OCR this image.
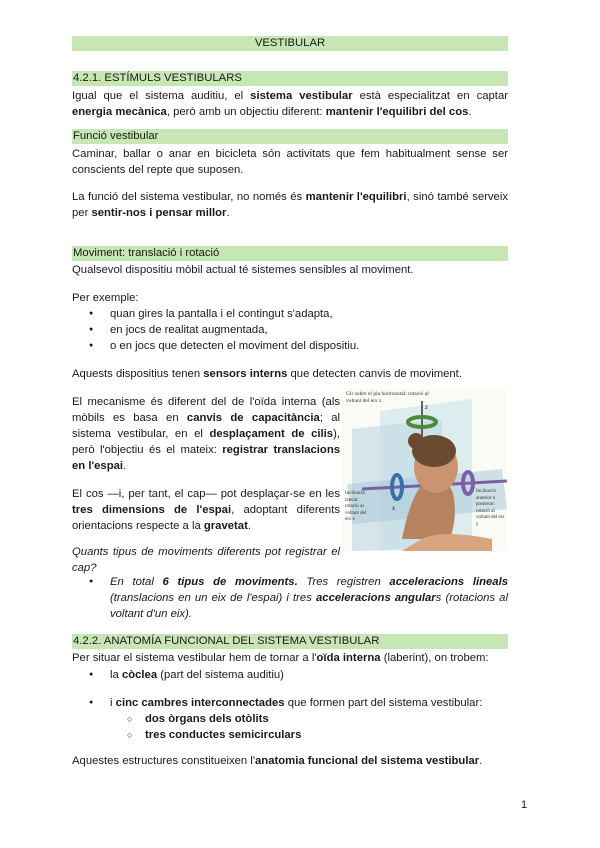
VESTIBULAR
4.2.1. ESTÍMULS VESTIBULARS
Igual que el sistema auditiu, el sistema vestibular està especialitzat en captar energia mecànica, però amb un objectiu diferent: mantenir l'equilibri del cos.
Funció vestibular
Caminar, ballar o anar en bicicleta són activitats que fem habitualment sense ser conscients del repte que suposen.
La funció del sistema vestibular, no només és mantenir l'equilibri, sinó també serveix per sentir-nos i pensar millor.
Moviment: translació i rotació
Qualsevol dispositiu mòbil actual té sistemes sensibles al moviment.
Per exemple:
● quan gires la pantalla i el contingut s'adapta,
● en jocs de realitat augmentada,
● o en jocs que detecten el moviment del dispositiu.
Aquests dispositius tenen sensors interns que detecten canvis de moviment.
El mecanisme és diferent del de l'oïda interna (als mòbils es basa en canvis de capacitància; al sistema vestibular, en el desplaçament de cilis), però l'objectiu és el mateix: registrar translacions en l'espai.
El cos —i, per tant, el cap— pot desplaçar-se en les tres dimensions de l'espai, adoptant diferents orientacions respecte a la gravetat.
Quants tipus de moviments diferents pot registrar el cap?
● En total 6 tipus de moviments. Tres registren acceleracions lineals (translacions en un eix de l'espai) i tres acceleracions angulars (rotacions al voltant d'un eix).
Gir sobre el pla horitzontal: rotació al voltant del eix z
Inclinació lateral: rotació al voltant del eix x
Inclinació anterior o posterior: rotació al voltant del eix y
z
x
4.2.2. ANATOMÍA FUNCIONAL DEL SISTEMA VESTIBULAR
Per situar el sistema vestibular hem de tornar a l'oïda interna (laberint), on trobem:
● la còclea (part del sistema auditiu)
● i cinc cambres interconnectades que formen part del sistema vestibular:
○ dos òrgans dels otòlits
○ tres conductes semicirculars
Aquestes estructures constitueixen l'anatomia funcional del sistema vestibular.
1
